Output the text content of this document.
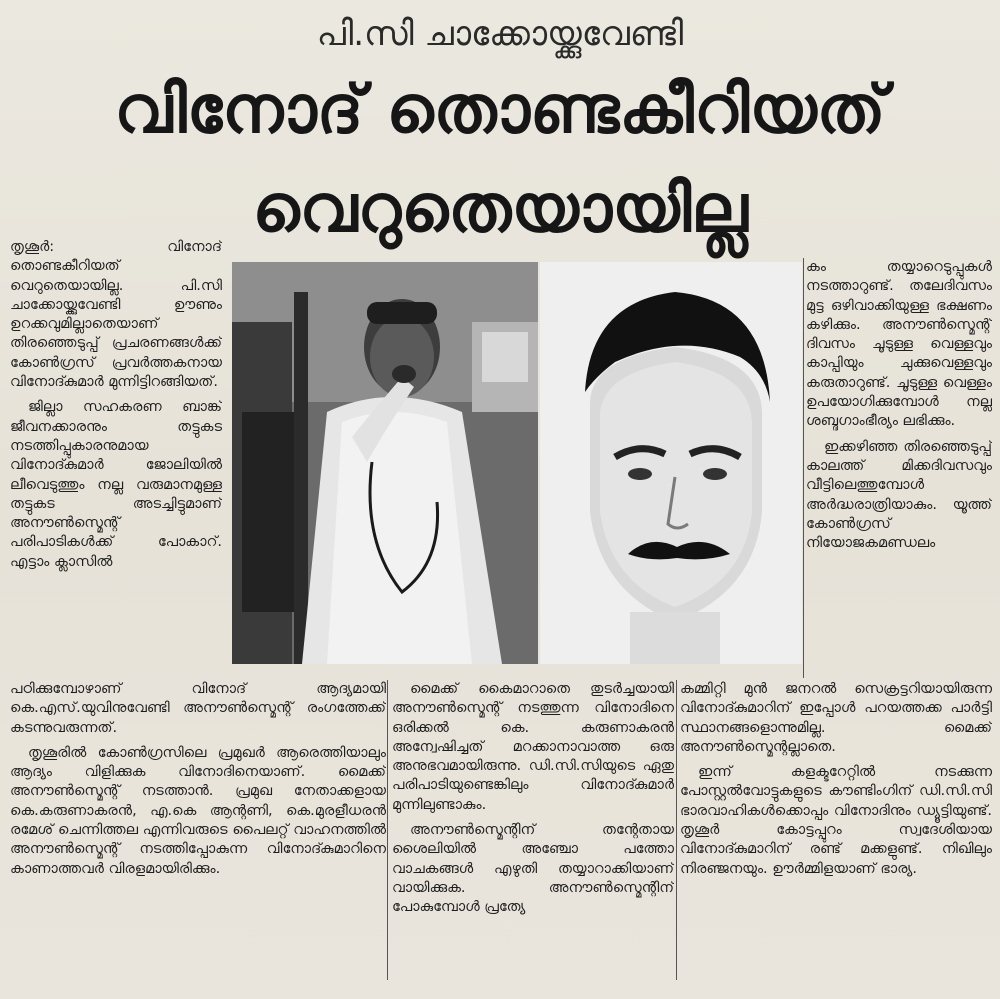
പി.സി ചാക്കോയ്ക്കുവേണ്ടി
വിനോദ് തൊണ്ടകീറിയത്
വെറുതെയായില്ല

തൃശൂർ: വിനോദ് തൊണ്ടകീറിയത് വെറുതെയായില്ല. പി.സി ചാക്കോയ്ക്കുവേണ്ടി ഊണും ഉറക്കവുമില്ലാതെയാണ് തിരഞ്ഞെടുപ്പ് പ്രചരണങ്ങൾക്ക് കോൺഗ്രസ് പ്രവർത്തകനായ വിനോദ്കുമാർ മുന്നിട്ടിറങ്ങിയത്.

ജില്ലാ സഹകരണ ബാങ്ക് ജീവനക്കാരനും തട്ടുകട നടത്തിപ്പുകാരനുമായ വിനോദ്കുമാർ ജോലിയിൽ ലീവെടുത്തും നല്ല വരുമാനമുള്ള തട്ടുകട അടച്ചിട്ടുമാണ് അനൗൺസ്മെന്റ് പരിപാടികൾക്ക് പോകാറ്. എട്ടാം ക്ലാസിൽ

കം തയ്യാറെടുപ്പുകൾ നടത്താറുണ്ട്. തലേദിവസം മുട്ട ഒഴിവാക്കിയുള്ള ഭക്ഷണം കഴിക്കും. അനൗൺസ്മെന്റ് ദിവസം ചൂടുള്ള വെള്ളവും കാപ്പിയും ചുക്കുവെള്ളവും കരുതാറുണ്ട്. ചൂടുള്ള വെള്ളം ഉപയോഗിക്കുമ്പോൾ നല്ല ശബ്ദഗാംഭീര്യം ലഭിക്കും.

ഇക്കഴിഞ്ഞ തിരഞ്ഞെടുപ്പ് കാലത്ത് മിക്കദിവസവും വീട്ടിലെത്തുമ്പോൾ അർദ്ധരാത്രിയാകും. യൂത്ത് കോൺഗ്രസ് നിയോജകമണ്ഡലം

പഠിക്കുമ്പോഴാണ് വിനോദ് ആദ്യമായി കെ.എസ്.യുവിനുവേണ്ടി അനൗൺസ്മെന്റ് രംഗത്തേക്ക് കടന്നുവരുന്നത്.

തൃശൂരിൽ കോൺഗ്രസിലെ പ്രമുഖർ ആരെത്തിയാലും ആദ്യം വിളിക്കുക വിനോദിനെയാണ്. മൈക്ക് അനൗൺസ്മെന്റ് നടത്താൻ. പ്രമുഖ നേതാക്കളായ കെ.കരുണാകരൻ, എ.കെ ആന്റണി, കെ.മുരളീധരൻ രമേശ് ചെന്നിത്തല എന്നിവരുടെ പൈലറ്റ് വാഹനത്തിൽ അനൗൺസ്മെന്റ് നടത്തിപ്പോകുന്ന വിനോദ്കുമാറിനെ കാണാത്തവർ വിരളമായിരിക്കും.

മൈക്ക് കൈമാറാതെ തുടർച്ചയായി അനൗൺസ്മെന്റ് നടത്തുന്ന വിനോദിനെ ഒരിക്കൽ കെ. കരുണാകരൻ അന്വേഷിച്ചത് മറക്കാനാവാത്ത ഒരു അനുഭവമായിരുന്നു. ഡി.സി.സിയുടെ ഏതു പരിപാടിയുണ്ടെങ്കിലും വിനോദ്കുമാർ മുന്നിലുണ്ടാകും.

അനൗൺസ്മെന്റിന് തന്റേതായ ശൈലിയിൽ അഞ്ചോ പത്തോ വാചകങ്ങൾ എഴുതി തയ്യാറാക്കിയാണ് വായിക്കുക. അനൗൺസ്മെന്റിന് പോകുമ്പോൾ പ്രത്യേ

കമ്മിറ്റി മുൻ ജനറൽ സെക്രട്ടറിയായിരുന്ന വിനോദ്കുമാറിന് ഇപ്പോൾ പറയത്തക്ക പാർട്ടി സ്ഥാനങ്ങളൊന്നുമില്ല. മൈക്ക് അനൗൺസ്മെന്റല്ലാതെ.

ഇന്ന് കളക്ടറേറ്റിൽ നടക്കുന്ന പോസ്റ്റൽവോട്ടുകളുടെ കൗണ്ടിംഗിന് ഡി.സി.സി ഭാരവാഹികൾക്കൊപ്പം വിനോദിനും ഡ്യൂട്ടിയുണ്ട്. തൃശൂർ കോട്ടപ്പുറം സ്വദേശിയായ വിനോദ്കുമാറിന് രണ്ട് മക്കളുണ്ട്. നിഖിലും നിരഞ്ജനയും. ഊർമ്മിളയാണ് ഭാര്യ.
